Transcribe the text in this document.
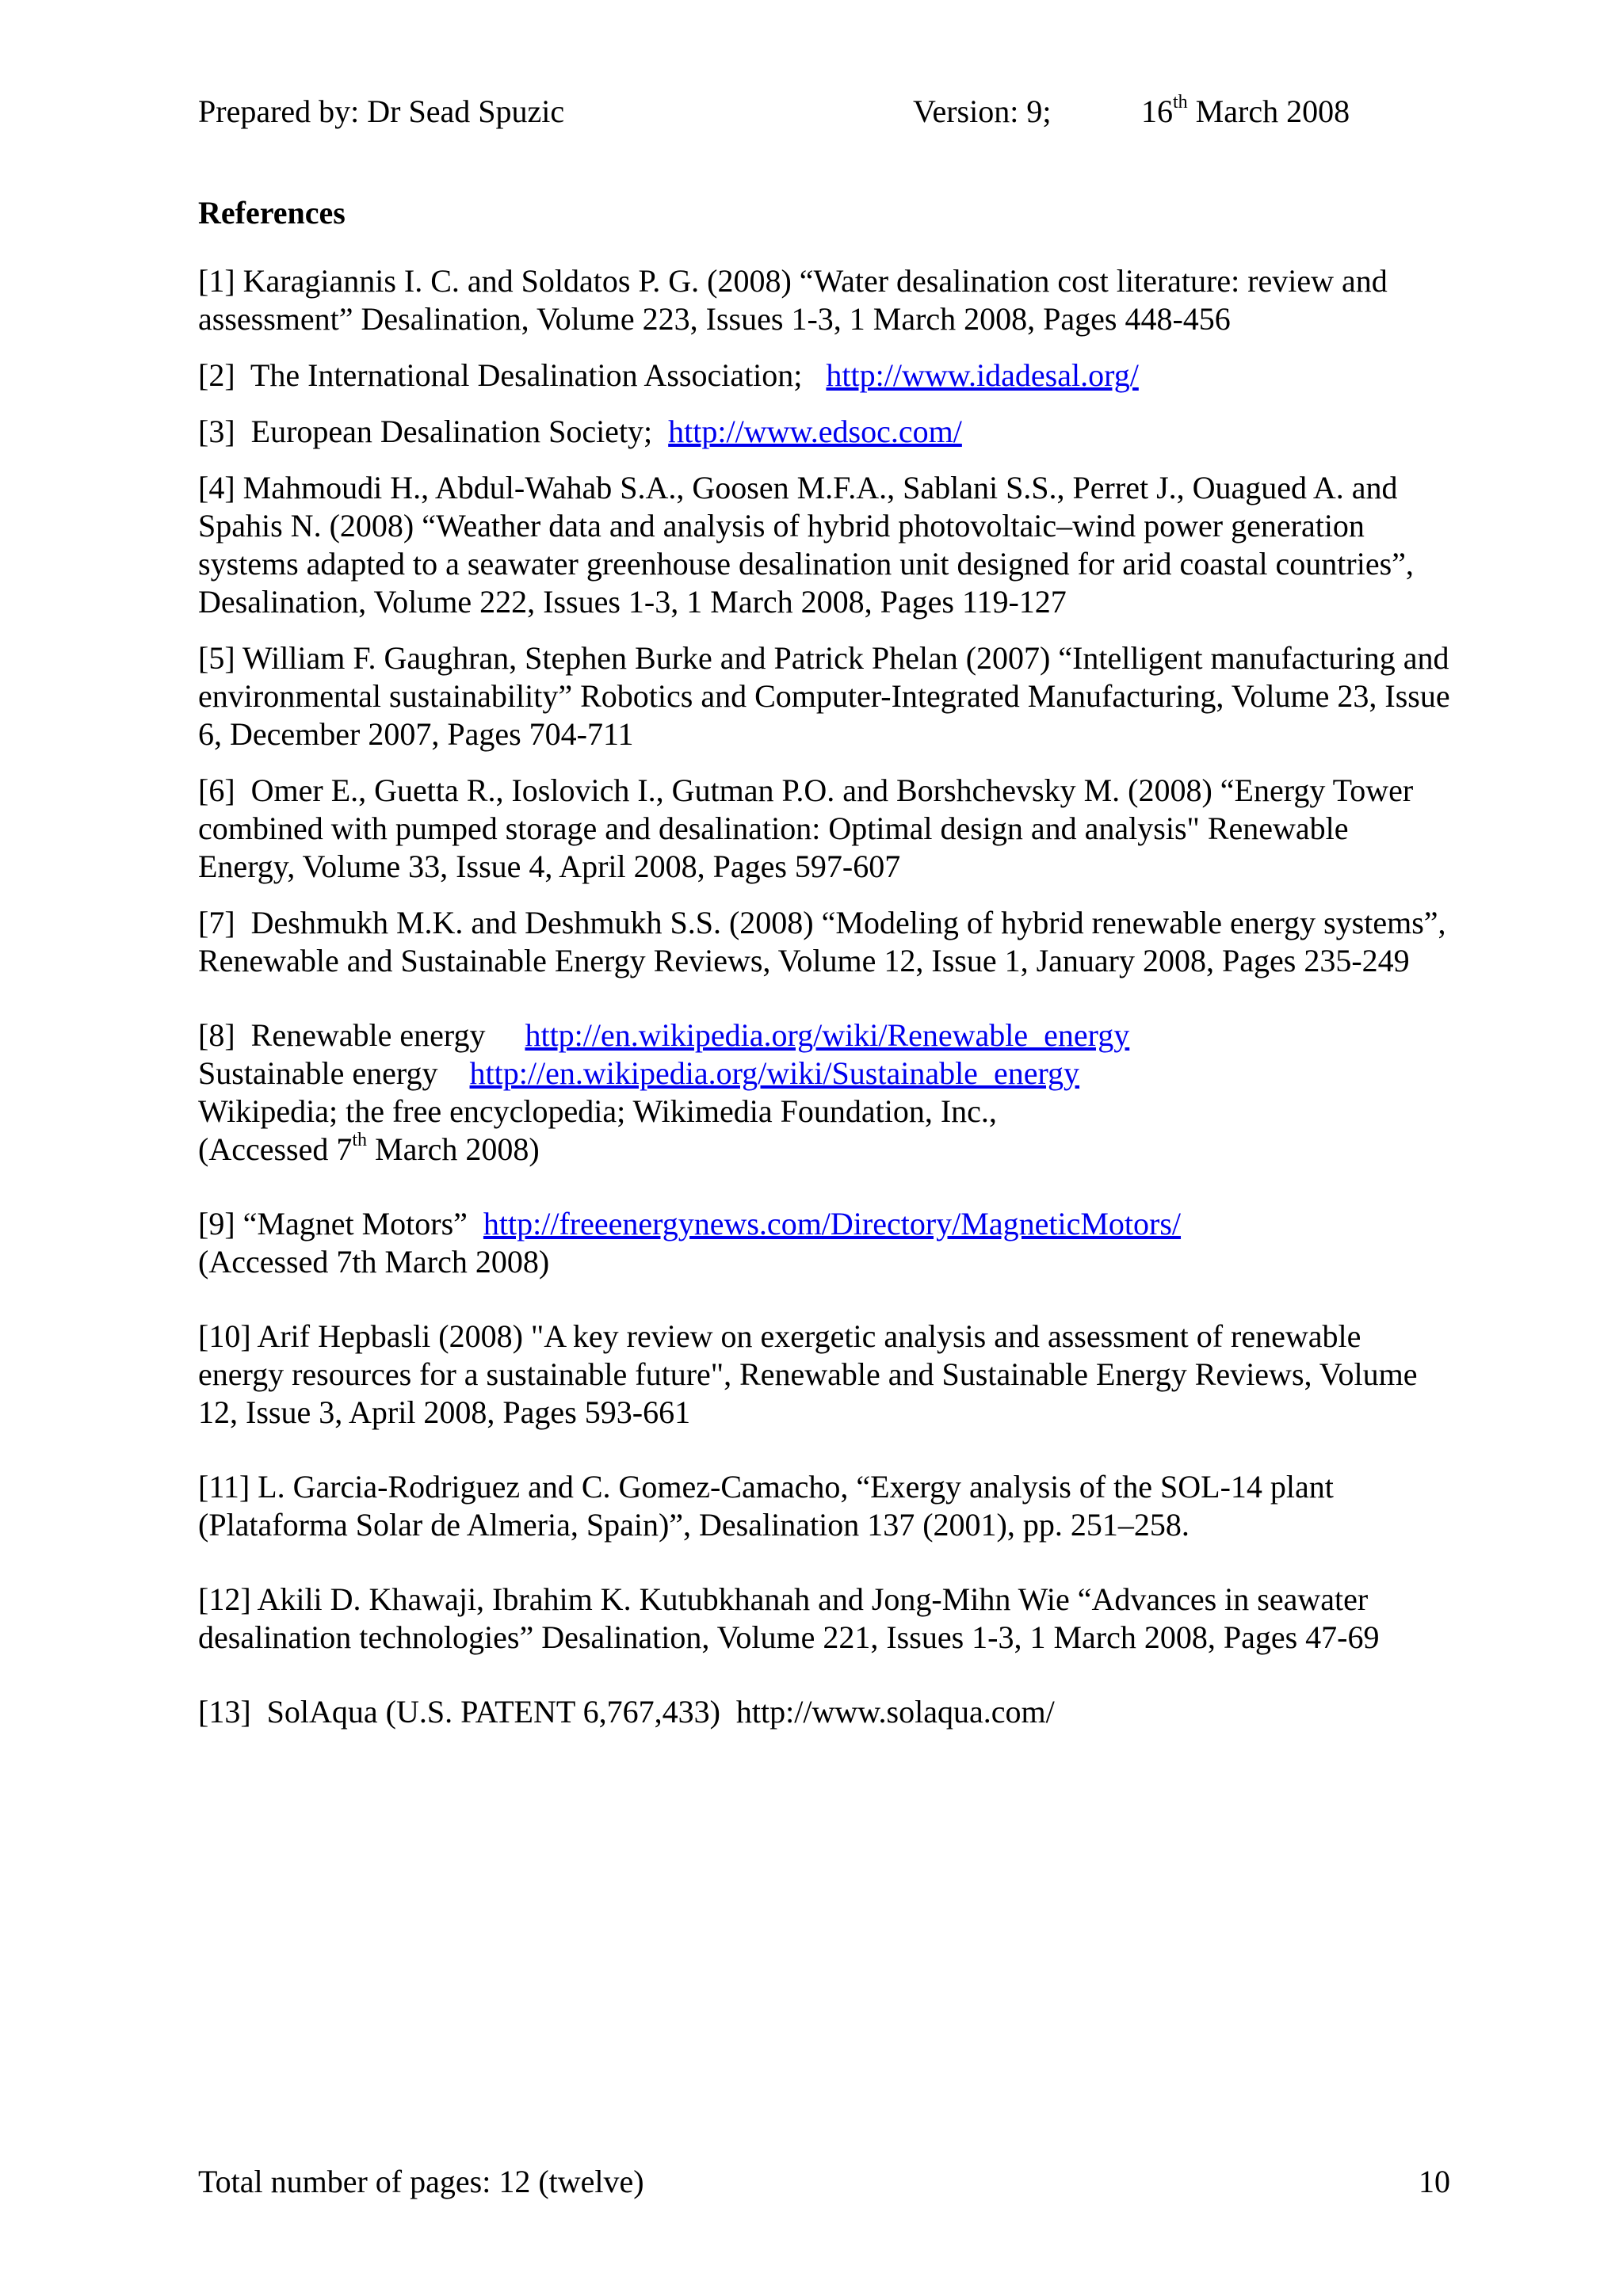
Prepared by: Dr Sead Spuzic	Version: 9;	16th March 2008
References

[1] Karagiannis I. C. and Soldatos P. G. (2008) “Water desalination cost literature: review and assessment” Desalination, Volume 223, Issues 1-3, 1 March 2008, Pages 448-456

[2] The International Desalination Association; http://www.idadesal.org/

[3] European Desalination Society; http://www.edsoc.com/

[4] Mahmoudi H., Abdul-Wahab S.A., Goosen M.F.A., Sablani S.S., Perret J., Ouagued A. and Spahis N. (2008) “Weather data and analysis of hybrid photovoltaic–wind power generation systems adapted to a seawater greenhouse desalination unit designed for arid coastal countries”, Desalination, Volume 222, Issues 1-3, 1 March 2008, Pages 119-127

[5] William F. Gaughran, Stephen Burke and Patrick Phelan (2007) “Intelligent manufacturing and environmental sustainability” Robotics and Computer-Integrated Manufacturing, Volume 23, Issue 6, December 2007, Pages 704-711

[6] Omer E., Guetta R., Ioslovich I., Gutman P.O. and Borshchevsky M. (2008) “Energy Tower combined with pumped storage and desalination: Optimal design and analysis" Renewable Energy, Volume 33, Issue 4, April 2008, Pages 597-607

[7] Deshmukh M.K. and Deshmukh S.S. (2008) “Modeling of hybrid renewable energy systems”, Renewable and Sustainable Energy Reviews, Volume 12, Issue 1, January 2008, Pages 235-249

[8] Renewable energy http://en.wikipedia.org/wiki/Renewable_energy
Sustainable energy http://en.wikipedia.org/wiki/Sustainable_energy
Wikipedia; the free encyclopedia; Wikimedia Foundation, Inc.,
(Accessed 7th March 2008)
[9] “Magnet Motors” http://freeenergynews.com/Directory/MagneticMotors/
(Accessed 7th March 2008)

[10] Arif Hepbasli (2008) "A key review on exergetic analysis and assessment of renewable energy resources for a sustainable future", Renewable and Sustainable Energy Reviews, Volume 12, Issue 3, April 2008, Pages 593-661

[11] L. Garcia-Rodriguez and C. Gomez-Camacho, “Exergy analysis of the SOL-14 plant (Plataforma Solar de Almeria, Spain)”, Desalination 137 (2001), pp. 251–258.

[12] Akili D. Khawaji, Ibrahim K. Kutubkhanah and Jong-Mihn Wie “Advances in seawater desalination technologies” Desalination, Volume 221, Issues 1-3, 1 March 2008, Pages 47-69

[13] SolAqua (U.S. PATENT 6,767,433) http://www.solaqua.com/

Total number of pages: 12 (twelve)	10
